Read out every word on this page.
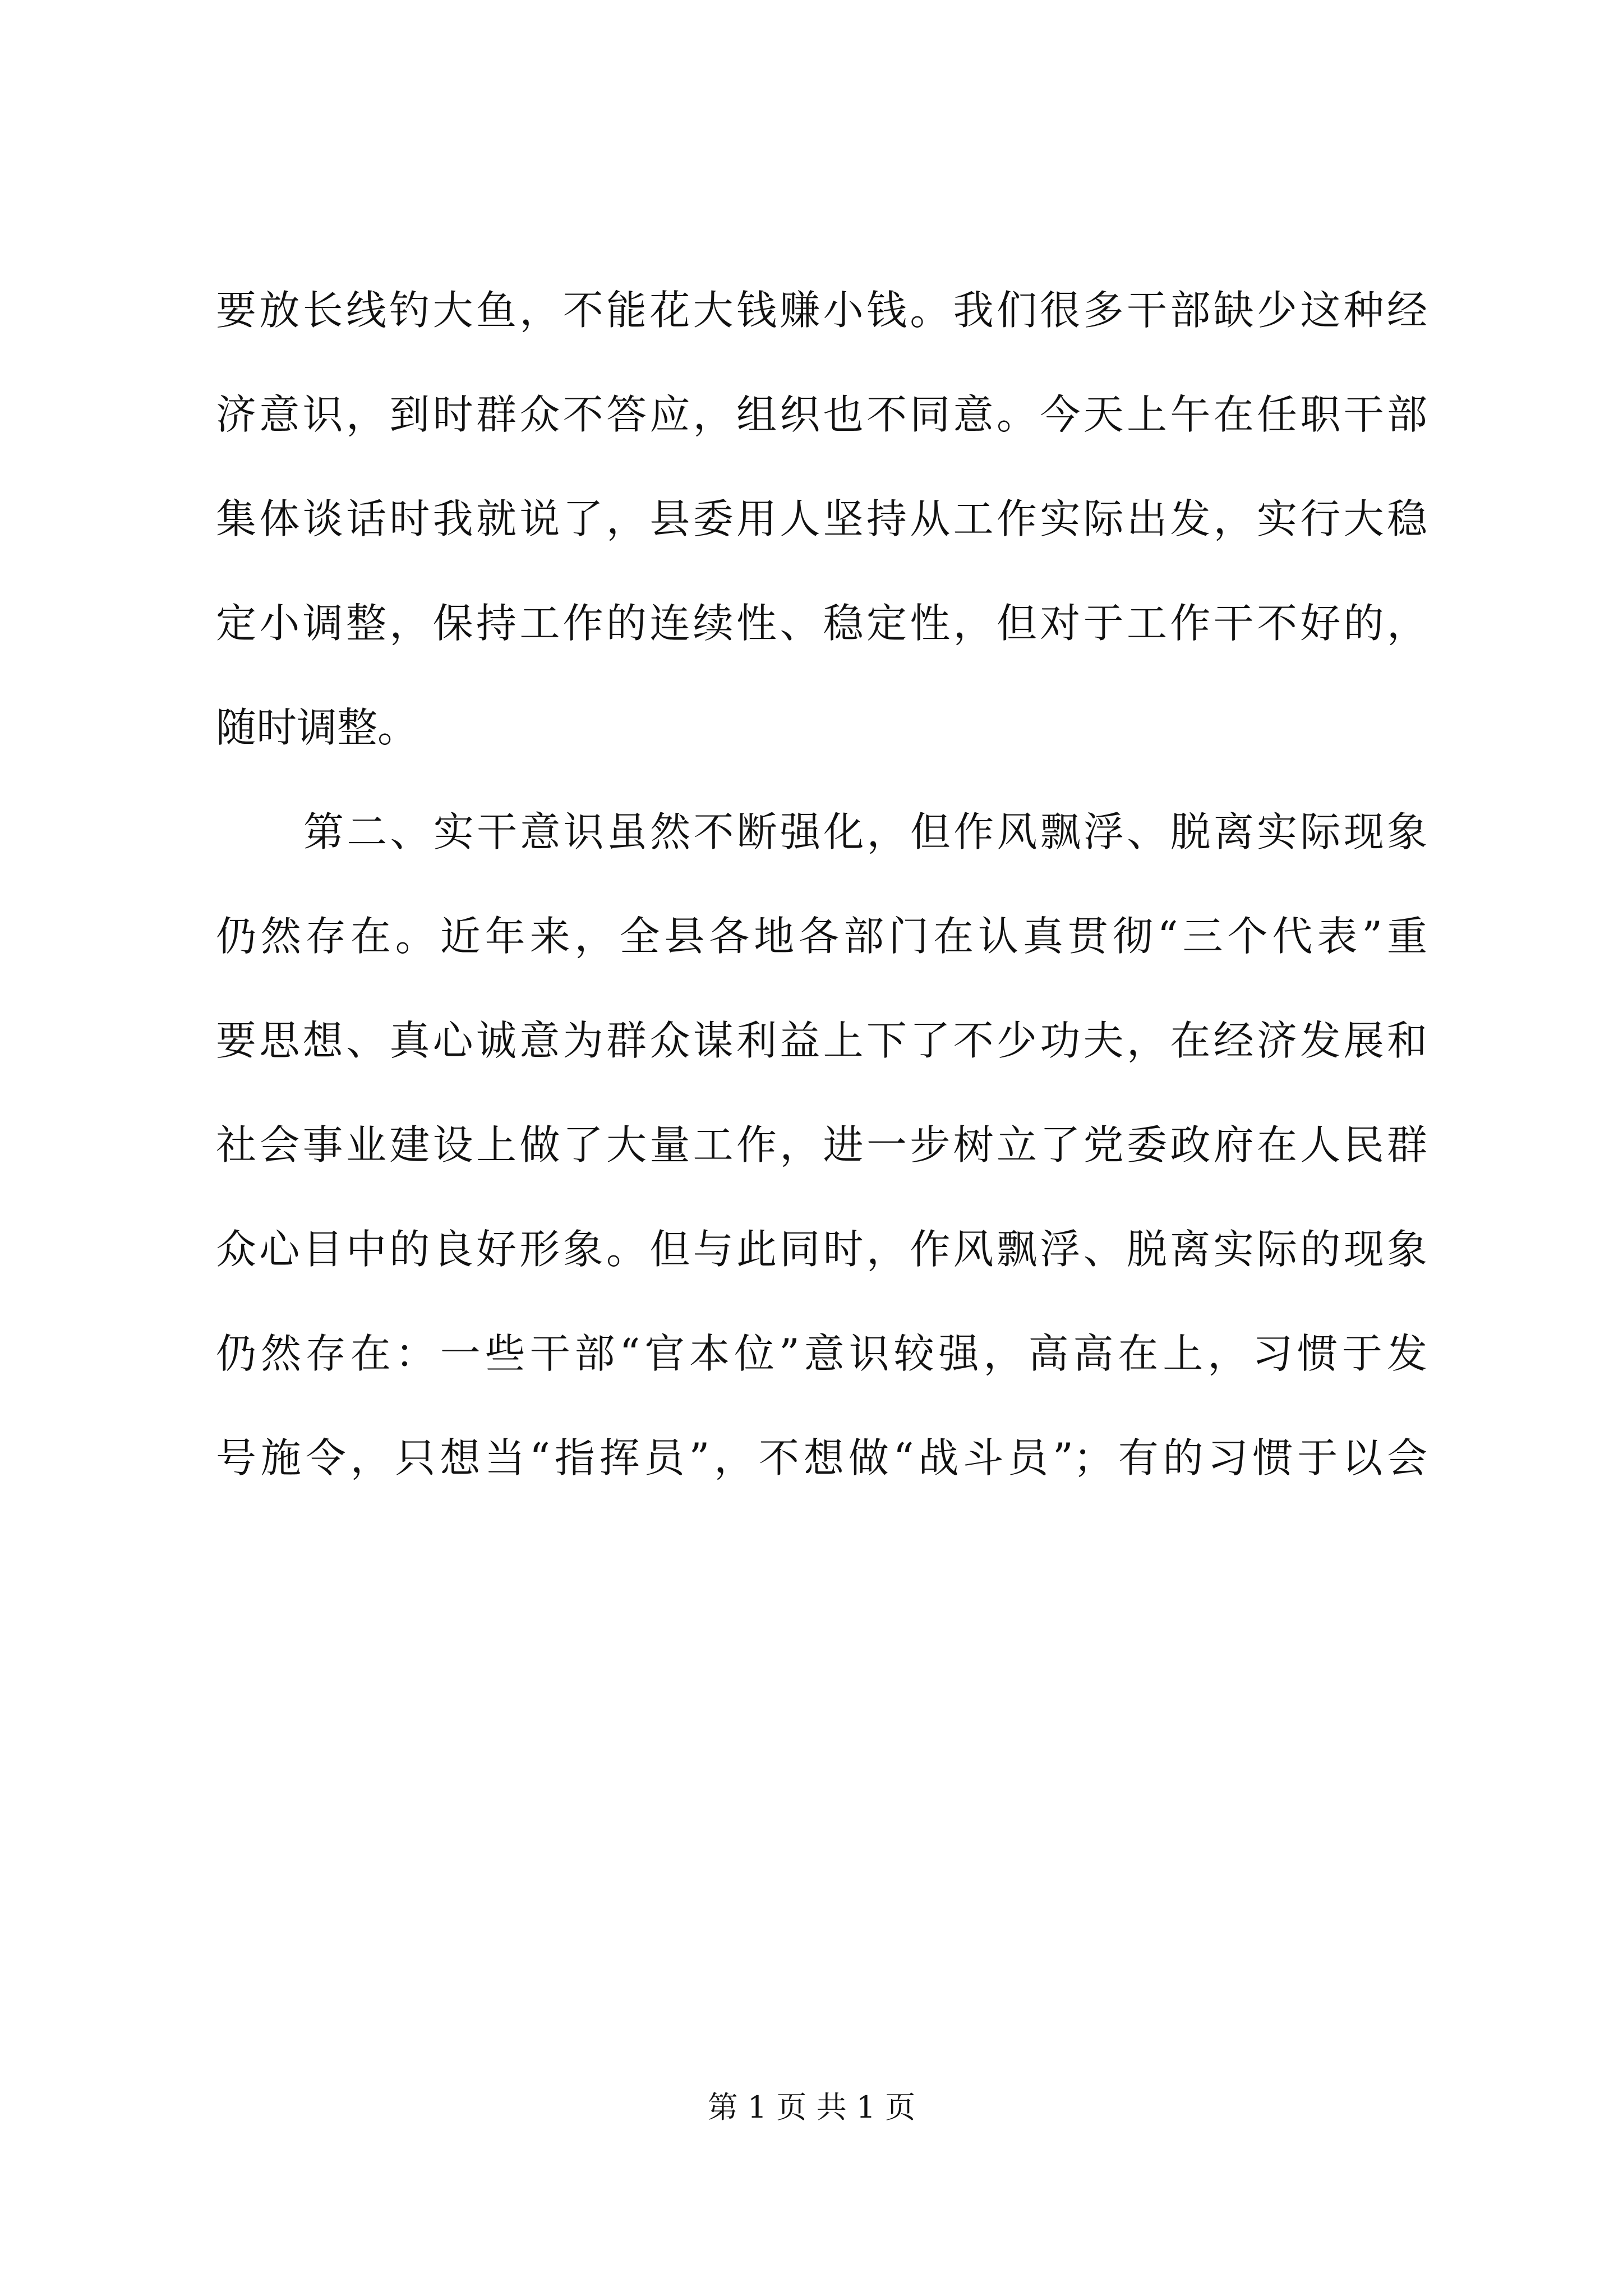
要放长线钓大鱼，不能花大钱赚小钱。我们很多干部缺少这种经
济意识，到时群众不答应，组织也不同意。今天上午在任职干部
集体谈话时我就说了，县委用人坚持从工作实际出发，实行大稳
定小调整，保持工作的连续性、稳定性，但对于工作干不好的，
随时调整。
第二、实干意识虽然不断强化，但作风飘浮、脱离实际现象
仍然存在。近年来，全县各地各部门在认真贯彻“三个代表”重
要思想、真心诚意为群众谋利益上下了不少功夫，在经济发展和
社会事业建设上做了大量工作，进一步树立了党委政府在人民群
众心目中的良好形象。但与此同时，作风飘浮、脱离实际的现象
仍然存在：一些干部“官本位”意识较强，高高在上，习惯于发
号施令，只想当“指挥员”，不想做“战斗员”；有的习惯于以会
第 1 页 共 1 页
